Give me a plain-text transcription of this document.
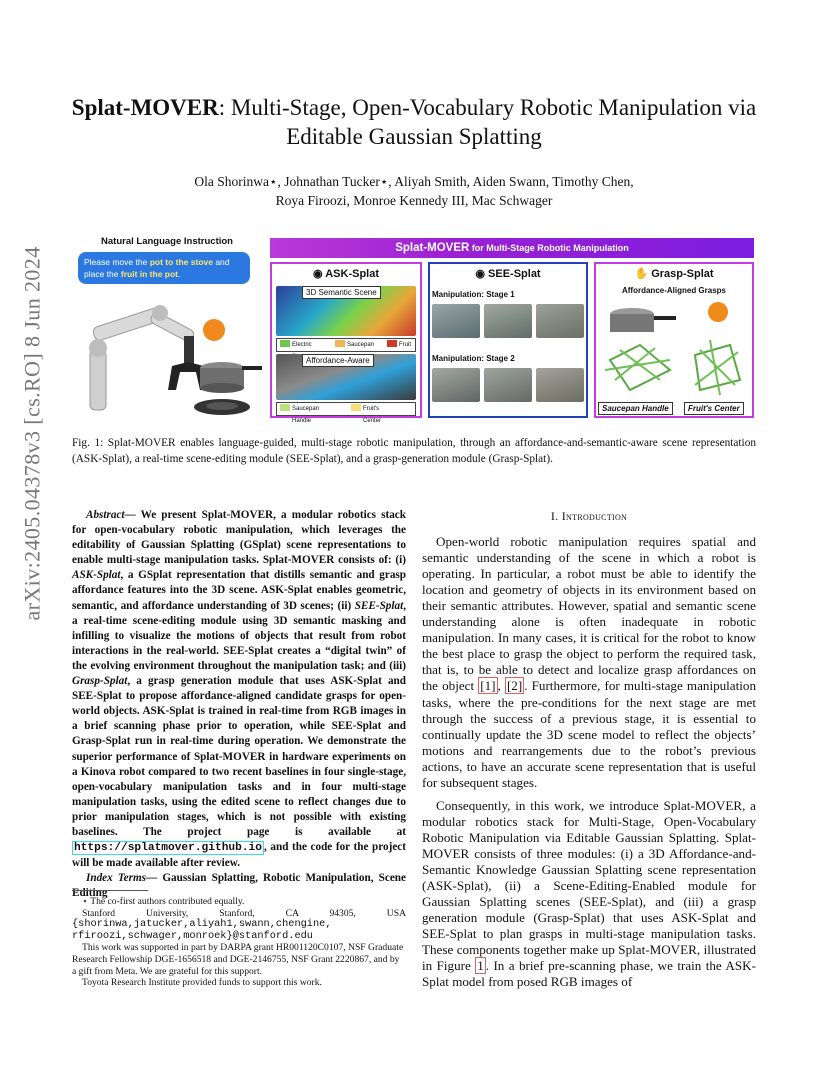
arXiv:2405.04378v3 [cs.RO] 8 Jun 2024
Splat-MOVER: Multi-Stage, Open-Vocabulary Robotic Manipulation via
Editable Gaussian Splatting
Ola Shorinwa⋆, Johnathan Tucker⋆, Aliyah Smith, Aiden Swann, Timothy Chen,
Roya Firoozi, Monroe Kennedy III, Mac Schwager
Natural Language Instruction
Please move the pot to the stove and place the fruit in the pot.
Splat-MOVER for Multi-Stage Robotic Manipulation
◉ ASK-Splat
3D Semantic Scene
Electric	Saucepan	Fruit
Affordance-Aware
Saucepan Handle
Fruit's Center
◉ SEE-Splat
Manipulation: Stage 1
Manipulation: Stage 2
✋ Grasp-Splat
Affordance-Aligned Grasps
Saucepan Handle	Fruit's Center
Fig. 1: Splat-MOVER enables language-guided, multi-stage robotic manipulation, through an affordance-and-semantic-aware scene representation (ASK-Splat), a real-time scene-editing module (SEE-Splat), and a grasp-generation module (Grasp-Splat).

Abstract— We present Splat-MOVER, a modular robotics stack for open-vocabulary robotic manipulation, which leverages the editability of Gaussian Splatting (GSplat) scene representations to enable multi-stage manipulation tasks. Splat-MOVER consists of: (i) ASK-Splat, a GSplat representation that distills semantic and grasp affordance features into the 3D scene. ASK-Splat enables geometric, semantic, and affordance understanding of 3D scenes; (ii) SEE-Splat, a real-time scene-editing module using 3D semantic masking and infilling to visualize the motions of objects that result from robot interactions in the real-world. SEE-Splat creates a “digital twin” of the evolving environment throughout the manipulation task; and (iii) Grasp-Splat, a grasp generation module that uses ASK-Splat and SEE-Splat to propose affordance-aligned candidate grasps for open-world objects. ASK-Splat is trained in real-time from RGB images in a brief scanning phase prior to operation, while SEE-Splat and Grasp-Splat run in real-time during operation. We demonstrate the superior performance of Splat-MOVER in hardware experiments on a Kinova robot compared to two recent baselines in four single-stage, open-vocabulary manipulation tasks and in four multi-stage manipulation tasks, using the edited scene to reflect changes due to prior manipulation stages, which is not possible with existing baselines. The project page is available at https://splatmover.github.io , and the code for the project will be made available after review.

Index Terms— Gaussian Splatting, Robotic Manipulation, Scene Editing

⋆ The co-first authors contributed equally.

Stanford University, Stanford, CA 94305, USA

{shorinwa,jatucker,aliyah1,swann,chengine, rfiroozi,schwager,monroek}@stanford.edu

This work was supported in part by DARPA grant HR001120C0107, NSF Graduate Research Fellowship DGE-1656518 and DGE-2146755, NSF Grant 2220867, and by a gift from Meta. We are grateful for this support.

Toyota Research Institute provided funds to support this work.

I. Introduction

Open-world robotic manipulation requires spatial and semantic understanding of the scene in which a robot is operating. In particular, a robot must be able to identify the location and geometry of objects in its environment based on their semantic attributes. However, spatial and semantic scene understanding alone is often inadequate in robotic manipulation. In many cases, it is critical for the robot to know the best place to grasp the object to perform the required task, that is, to be able to detect and localize grasp affordances on the object [1] , [2] . Furthermore, for multi-stage manipulation tasks, where the pre-conditions for the next stage are met through the success of a previous stage, it is essential to continually update the 3D scene model to reflect the objects’ motions and rearrangements due to the robot’s previous actions, to have an accurate scene representation that is useful for subsequent stages.

Consequently, in this work, we introduce Splat-MOVER, a modular robotics stack for Multi-Stage, Open-Vocabulary Robotic Manipulation via Editable Gaussian Splatting. Splat-MOVER consists of three modules: (i) a 3D Affordance-and-Semantic Knowledge Gaussian Splatting scene representation (ASK-Splat), (ii) a Scene-Editing-Enabled module for Gaussian Splatting scenes (SEE-Splat), and (iii) a grasp generation module (Grasp-Splat) that uses ASK-Splat and SEE-Splat to plan grasps in multi-stage manipulation tasks. These components together make up Splat-MOVER, illustrated in Figure 1 . In a brief pre-scanning phase, we train the ASK-Splat model from posed RGB images of
